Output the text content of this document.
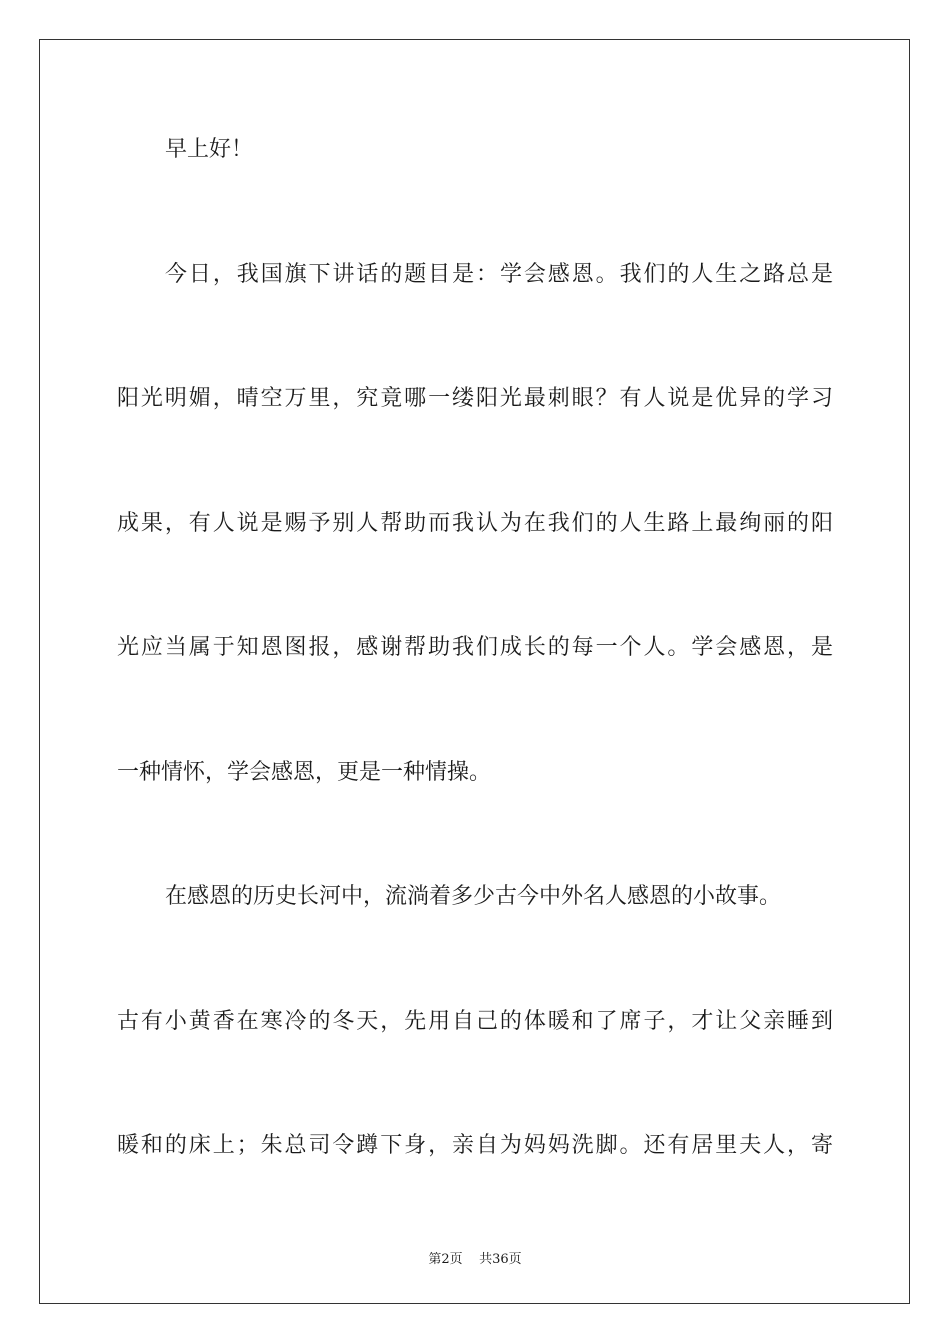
早上好！
今日，我国旗下讲话的题目是：学会感恩。我们的人生之路总是
阳光明媚，晴空万里，究竟哪一缕阳光最刺眼？有人说是优异的学习
成果，有人说是赐予别人帮助而我认为在我们的人生路上最绚丽的阳
光应当属于知恩图报，感谢帮助我们成长的每一个人。学会感恩，是
一种情怀，学会感恩，更是一种情操。
在感恩的历史长河中，流淌着多少古今中外名人感恩的小故事。
古有小黄香在寒冷的冬天，先用自己的体暖和了席子，才让父亲睡到
暖和的床上；朱总司令蹲下身，亲自为妈妈洗脚。还有居里夫人，寄
第2页 共36页
